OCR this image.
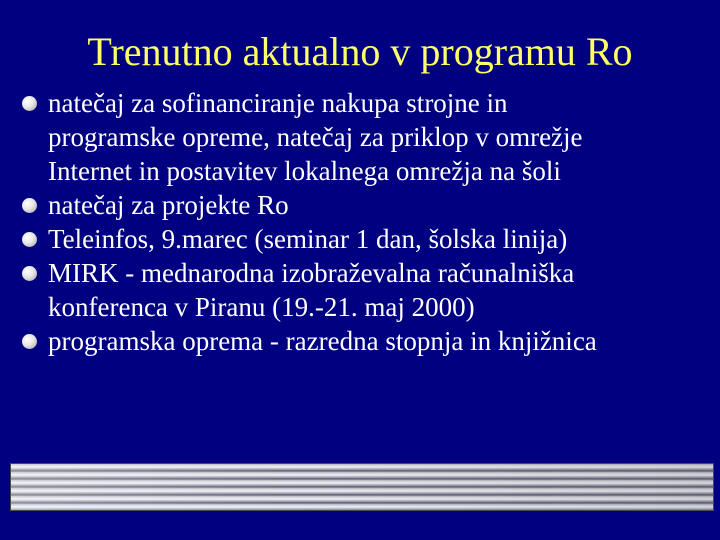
Trenutno aktualno v programu Ro
natečaj za sofinanciranje nakupa strojne in
programske opreme, natečaj za priklop v omrežje
Internet in postavitev lokalnega omrežja na šoli
natečaj za projekte Ro
Teleinfos, 9.marec (seminar 1 dan, šolska linija)
MIRK - mednarodna izobraževalna računalniška
konferenca v Piranu (19.-21. maj 2000)
programska oprema - razredna stopnja in knjižnica
